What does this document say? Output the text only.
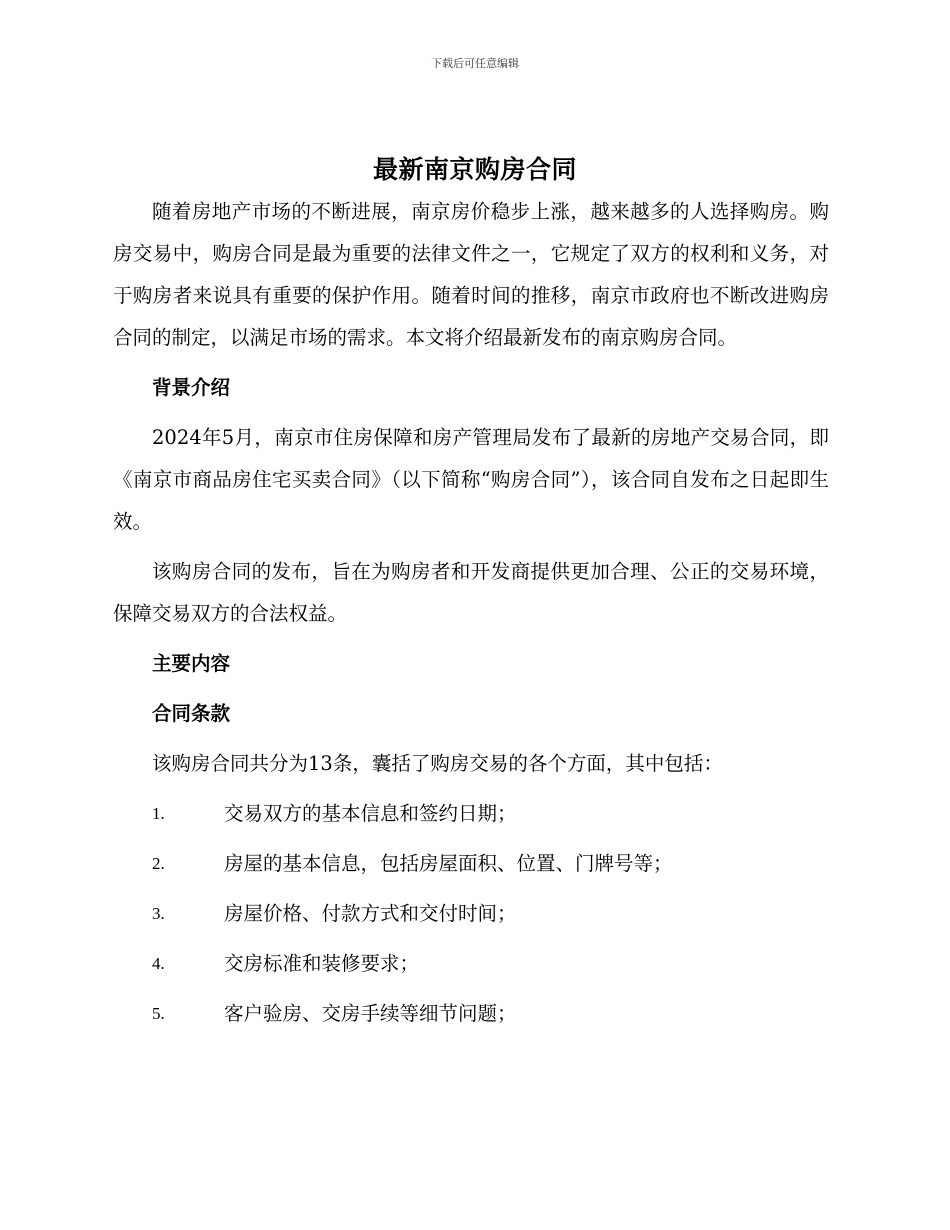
下载后可任意编辑
最新南京购房合同

随着房地产市场的不断进展，南京房价稳步上涨，越来越多的人选择购房。购房交易中，购房合同是最为重要的法律文件之一，它规定了双方的权利和义务，对于购房者来说具有重要的保护作用。随着时间的推移，南京市政府也不断改进购房合同的制定，以满足市场的需求。本文将介绍最新发布的南京购房合同。

背景介绍

2024年5月，南京市住房保障和房产管理局发布了最新的房地产交易合同，即《南京市商品房住宅买卖合同》（以下简称“购房合同”），该合同自发布之日起即生效。

该购房合同的发布，旨在为购房者和开发商提供更加合理、公正的交易环境，保障交易双方的合法权益。

主要内容
合同条款

该购房合同共分为13条，囊括了购房交易的各个方面，其中包括：

1.	交易双方的基本信息和签约日期；
2.	房屋的基本信息，包括房屋面积、位置、门牌号等；
3.	房屋价格、付款方式和交付时间；
4.	交房标准和装修要求；
5.	客户验房、交房手续等细节问题；
